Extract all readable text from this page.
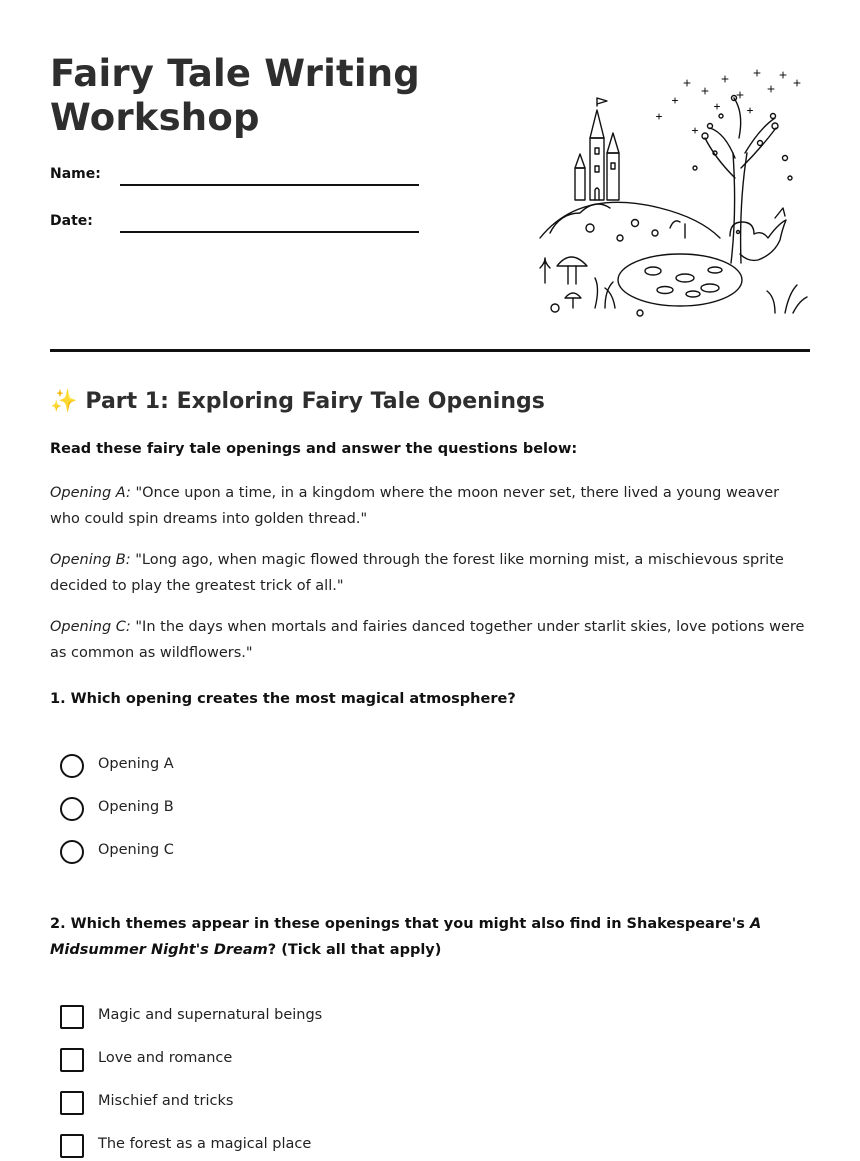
Fairy Tale Writing
Workshop
Name:
Date:
✨ Part 1: Exploring Fairy Tale Openings
Read these fairy tale openings and answer the questions below:

Opening A: "Once upon a time, in a kingdom where the moon never set, there lived a young weaver who could spin dreams into golden thread."

Opening B: "Long ago, when magic flowed through the forest like morning mist, a mischievous sprite decided to play the greatest trick of all."

Opening C: "In the days when mortals and fairies danced together under starlit skies, love potions were as common as wildflowers."

1. Which opening creates the most magical atmosphere?

Opening A
Opening B
Opening C

2. Which themes appear in these openings that you might also find in Shakespeare's A Midsummer Night's Dream? (Tick all that apply)

Magic and supernatural beings
Love and romance
Mischief and tricks
The forest as a magical place
